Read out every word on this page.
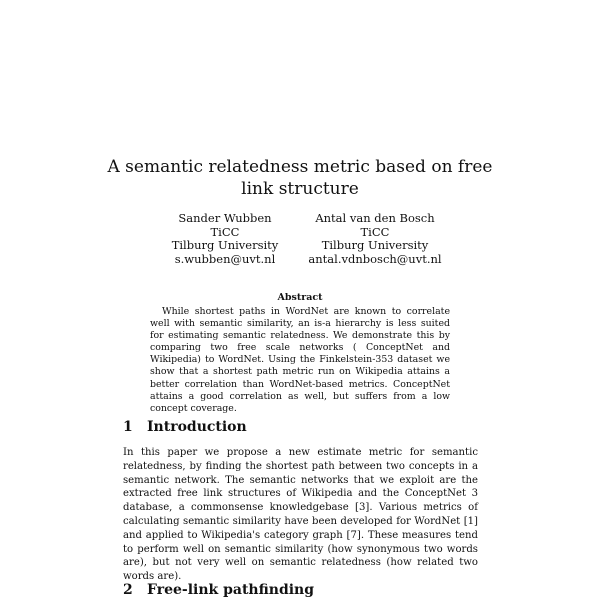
A semantic relatedness metric based on free link structure
Sander Wubben
TiCC
Tilburg University
s.wubben@uvt.nl
Antal van den Bosch
TiCC
Tilburg University
antal.vdnbosch@uvt.nl
Abstract
While shortest paths in WordNet are known to correlate well with semantic similarity, an is-a hierarchy is less suited for estimating semantic relatedness. We demonstrate this by comparing two free scale networks ( ConceptNet and Wikipedia) to WordNet. Using the Finkelstein-353 dataset we show that a shortest path metric run on Wikipedia attains a better correlation than WordNet-based metrics. ConceptNet attains a good correlation as well, but suffers from a low concept coverage.
1 Introduction
In this paper we propose a new estimate metric for semantic relatedness, by finding the shortest path between two concepts in a semantic network. The semantic networks that we exploit are the extracted free link structures of Wikipedia and the ConceptNet 3 database, a commonsense knowledgebase [3]. Various metrics of calculating semantic similarity have been developed for WordNet [1] and applied to Wikipedia's category graph [7]. These measures tend to perform well on semantic similarity (how synonymous two words are), but not very well on semantic relatedness (how related two words are).
2 Free-link pathfinding
